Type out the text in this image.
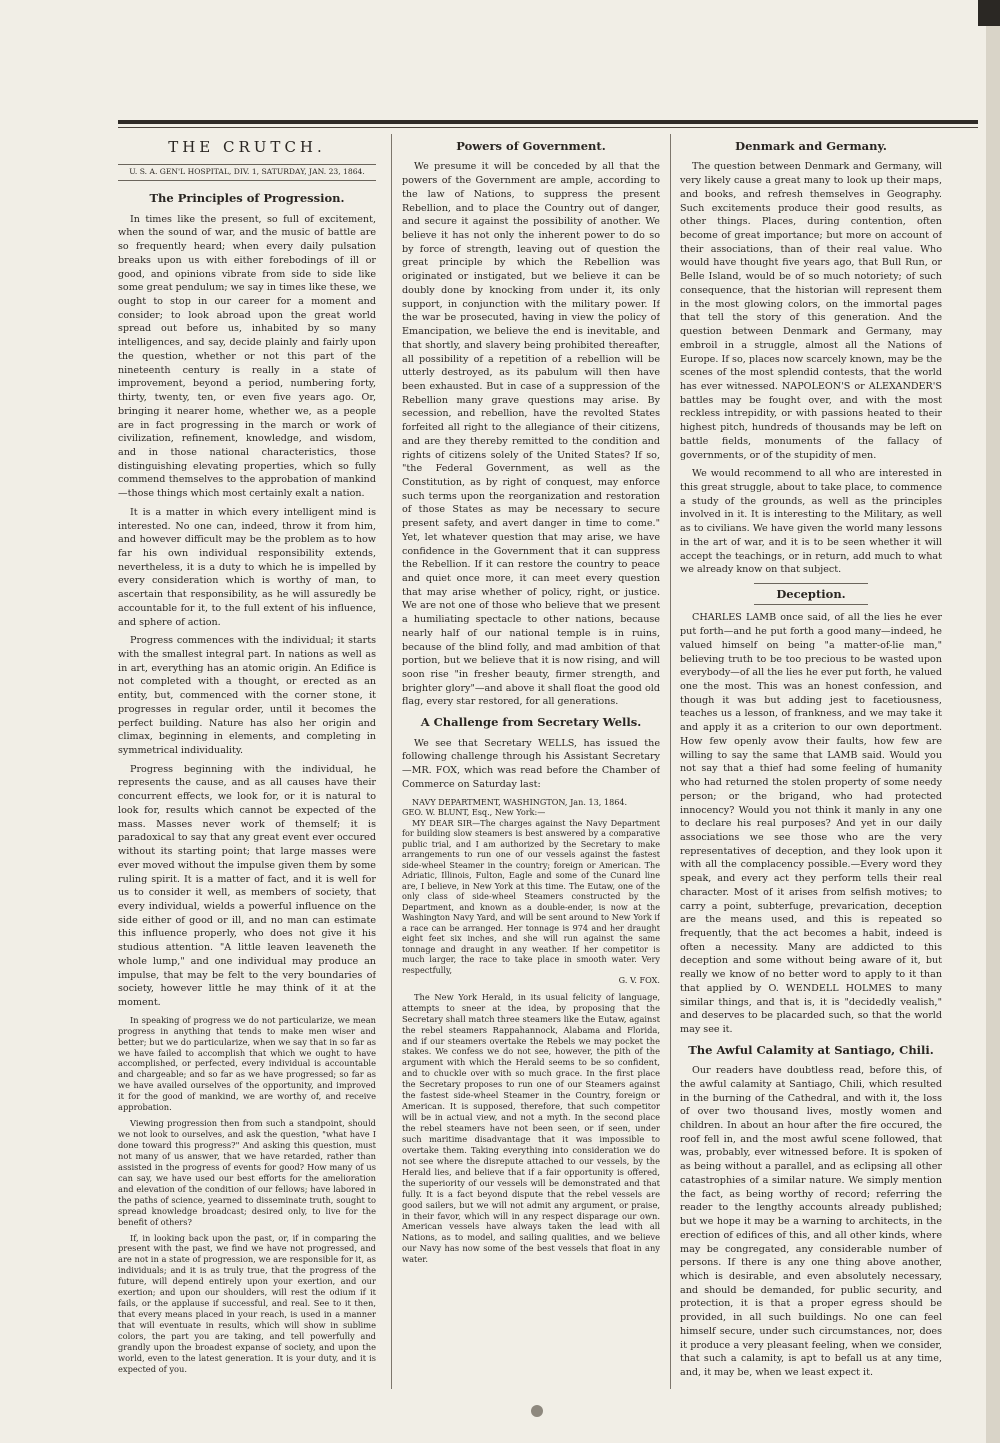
THE CRUTCH.
U. S. A. GEN'L HOSPITAL, DIV. 1, SATURDAY, JAN. 23, 1864.
The Principles of Progression.

In times like the present, so full of excitement, when the sound of war, and the music of battle are so frequently heard; when every daily pulsation breaks upon us with either forebodings of ill or good, and opinions vibrate from side to side like some great pendulum; we say in times like these, we ought to stop in our career for a moment and consider; to look abroad upon the great world spread out before us, inhabited by so many intelligences, and say, decide plainly and fairly upon the question, whether or not this part of the nineteenth century is really in a state of improvement, beyond a period, numbering forty, thirty, twenty, ten, or even five years ago. Or, bringing it nearer home, whether we, as a people are in fact progressing in the march or work of civilization, refinement, knowledge, and wisdom, and in those national characteristics, those distinguishing elevating properties, which so fully commend themselves to the approbation of mankind—those things which most certainly exalt a nation.

It is a matter in which every intelligent mind is interested. No one can, indeed, throw it from him, and however difficult may be the problem as to how far his own individual responsibility extends, nevertheless, it is a duty to which he is impelled by every consideration which is worthy of man, to ascertain that responsibility, as he will assuredly be accountable for it, to the full extent of his influence, and sphere of action.

Progress commences with the individual; it starts with the smallest integral part. In nations as well as in art, everything has an atomic origin. An Edifice is not completed with a thought, or erected as an entity, but, commenced with the corner stone, it progresses in regular order, until it becomes the perfect building. Nature has also her origin and climax, beginning in elements, and completing in symmetrical individuality.

Progress beginning with the individual, he represents the cause, and as all causes have their concurrent effects, we look for, or it is natural to look for, results which cannot be expected of the mass. Masses never work of themself; it is paradoxical to say that any great event ever occured without its starting point; that large masses were ever moved without the impulse given them by some ruling spirit. It is a matter of fact, and it is well for us to consider it well, as members of society, that every individual, wields a powerful influence on the side either of good or ill, and no man can estimate this influence properly, who does not give it his studious attention. "A little leaven leaveneth the whole lump," and one individual may produce an impulse, that may be felt to the very boundaries of society, however little he may think of it at the moment.

In speaking of progress we do not particularize, we mean progress in anything that tends to make men wiser and better; but we do particularize, when we say that in so far as we have failed to accomplish that which we ought to have accomplished, or perfected, every individual is accountable and chargeable; and so far as we have progressed; so far as we have availed ourselves of the opportunity, and improved it for the good of mankind, we are worthy of, and receive approbation.

Viewing progression then from such a standpoint, should we not look to ourselves, and ask the question, "what have I done toward this progress?" And asking this question, must not many of us answer, that we have retarded, rather than assisted in the progress of events for good? How many of us can say, we have used our best efforts for the amelioration and elevation of the condition of our fellows; have labored in the paths of science, yearned to disseminate truth, sought to spread knowledge broadcast; desired only, to live for the benefit of others?

If, in looking back upon the past, or, if in comparing the present with the past, we find we have not progressed, and are not in a state of progression, we are responsible for it, as individuals; and it is as truly true, that the progress of the future, will depend entirely upon your exertion, and our exertion; and upon our shoulders, will rest the odium if it fails, or the applause if successful, and real. See to it then, that every means placed in your reach, is used in a manner that will eventuate in results, which will show in sublime colors, the part you are taking, and tell powerfully and grandly upon the broadest expanse of society, and upon the world, even to the latest generation. It is your duty, and it is expected of you.

Powers of Government.

We presume it will be conceded by all that the powers of the Government are ample, according to the law of Nations, to suppress the present Rebellion, and to place the Country out of danger, and secure it against the possibility of another. We believe it has not only the inherent power to do so by force of strength, leaving out of question the great principle by which the Rebellion was originated or instigated, but we believe it can be doubly done by knocking from under it, its only support, in conjunction with the military power. If the war be prosecuted, having in view the policy of Emancipation, we believe the end is inevitable, and that shortly, and slavery being prohibited thereafter, all possibility of a repetition of a rebellion will be utterly destroyed, as its pabulum will then have been exhausted. But in case of a suppression of the Rebellion many grave questions may arise. By secession, and rebellion, have the revolted States forfeited all right to the allegiance of their citizens, and are they thereby remitted to the condition and rights of citizens solely of the United States? If so, "the Federal Government, as well as the Constitution, as by right of conquest, may enforce such terms upon the reorganization and restoration of those States as may be necessary to secure present safety, and avert danger in time to come." Yet, let whatever question that may arise, we have confidence in the Government that it can suppress the Rebellion. If it can restore the country to peace and quiet once more, it can meet every question that may arise whether of policy, right, or justice. We are not one of those who believe that we present a humiliating spectacle to other nations, because nearly half of our national temple is in ruins, because of the blind folly, and mad ambition of that portion, but we believe that it is now rising, and will soon rise "in fresher beauty, firmer strength, and brighter glory"—and above it shall float the good old flag, every star restored, for all generations.

A Challenge from Secretary Wells.

We see that Secretary WELLS, has issued the following challenge through his Assistant Secretary—MR. FOX, which was read before the Chamber of Commerce on Saturday last:

NAVY DEPARTMENT, WASHINGTON, Jan. 13, 1864.
GEO. W. BLUNT, Esq., New York:—
MY DEAR SIR—The charges against the Navy Department for building slow steamers is best answered by a comparative public trial, and I am authorized by the Secretary to make arrangements to run one of our vessels against the fastest side-wheel Steamer in the country; foreign or American. The Adriatic, Illinois, Fulton, Eagle and some of the Cunard line are, I believe, in New York at this time. The Eutaw, one of the only class of side-wheel Steamers constructed by the Department, and known as a double-ender, is now at the Washington Navy Yard, and will be sent around to New York if a race can be arranged. Her tonnage is 974 and her draught eight feet six inches, and she will run against the same tonnage and draught in any weather. If her competitor is much larger, the race to take place in smooth water. Very respectfully,
G. V. FOX.

The New York Herald, in its usual felicity of language, attempts to sneer at the idea, by proposing that the Secretary shall match three steamers like the Eutaw, against the rebel steamers Rappahannock, Alabama and Florida, and if our steamers overtake the Rebels we may pocket the stakes. We confess we do not see, however, the pith of the argument with which the Herald seems to be so confident, and to chuckle over with so much grace. In the first place the Secretary proposes to run one of our Steamers against the fastest side-wheel Steamer in the Country, foreign or American. It is supposed, therefore, that such competitor will be in actual view, and not a myth. In the second place the rebel steamers have not been seen, or if seen, under such maritime disadvantage that it was impossible to overtake them. Taking everything into consideration we do not see where the disrepute attached to our vessels, by the Herald lies, and believe that if a fair opportunity is offered, the superiority of our vessels will be demonstrated and that fully. It is a fact beyond dispute that the rebel vessels are good sailers, but we will not admit any argument, or praise, in their favor, which will in any respect disparage our own. American vessels have always taken the lead with all Nations, as to model, and sailing qualities, and we believe our Navy has now some of the best vessels that float in any water.

Denmark and Germany.

The question between Denmark and Germany, will very likely cause a great many to look up their maps, and books, and refresh themselves in Geography. Such excitements produce their good results, as other things. Places, during contention, often become of great importance; but more on account of their associations, than of their real value. Who would have thought five years ago, that Bull Run, or Belle Island, would be of so much notoriety; of such consequence, that the historian will represent them in the most glowing colors, on the immortal pages that tell the story of this generation. And the question between Denmark and Germany, may embroil in a struggle, almost all the Nations of Europe. If so, places now scarcely known, may be the scenes of the most splendid contests, that the world has ever witnessed. NAPOLEON'S or ALEXANDER'S battles may be fought over, and with the most reckless intrepidity, or with passions heated to their highest pitch, hundreds of thousands may be left on battle fields, monuments of the fallacy of governments, or of the stupidity of men.

We would recommend to all who are interested in this great struggle, about to take place, to commence a study of the grounds, as well as the principles involved in it. It is interesting to the Military, as well as to civilians. We have given the world many lessons in the art of war, and it is to be seen whether it will accept the teachings, or in return, add much to what we already know on that subject.

Deception.

CHARLES LAMB once said, of all the lies he ever put forth—and he put forth a good many—indeed, he valued himself on being "a matter-of-lie man," believing truth to be too precious to be wasted upon everybody—of all the lies he ever put forth, he valued one the most. This was an honest confession, and though it was but adding jest to facetiousness, teaches us a lesson, of frankness, and we may take it and apply it as a criterion to our own deportment. How few openly avow their faults, how few are willing to say the same that LAMB said. Would you not say that a thief had some feeling of humanity who had returned the stolen property of some needy person; or the brigand, who had protected innocency? Would you not think it manly in any one to declare his real purposes? And yet in our daily associations we see those who are the very representatives of deception, and they look upon it with all the complacency possible.—Every word they speak, and every act they perform tells their real character. Most of it arises from selfish motives; to carry a point, subterfuge, prevarication, deception are the means used, and this is repeated so frequently, that the act becomes a habit, indeed is often a necessity. Many are addicted to this deception and some without being aware of it, but really we know of no better word to apply to it than that applied by O. WENDELL HOLMES to many similar things, and that is, it is "decidedly vealish," and deserves to be placarded such, so that the world may see it.

The Awful Calamity at Santiago, Chili.

Our readers have doubtless read, before this, of the awful calamity at Santiago, Chili, which resulted in the burning of the Cathedral, and with it, the loss of over two thousand lives, mostly women and children. In about an hour after the fire occured, the roof fell in, and the most awful scene followed, that was, probably, ever witnessed before. It is spoken of as being without a parallel, and as eclipsing all other catastrophies of a similar nature. We simply mention the fact, as being worthy of record; referring the reader to the lengthy accounts already published; but we hope it may be a warning to architects, in the erection of edifices of this, and all other kinds, where may be congregated, any considerable number of persons. If there is any one thing above another, which is desirable, and even absolutely necessary, and should be demanded, for public security, and protection, it is that a proper egress should be provided, in all such buildings. No one can feel himself secure, under such circumstances, nor, does it produce a very pleasant feeling, when we consider, that such a calamity, is apt to befall us at any time, and, it may be, when we least expect it.
